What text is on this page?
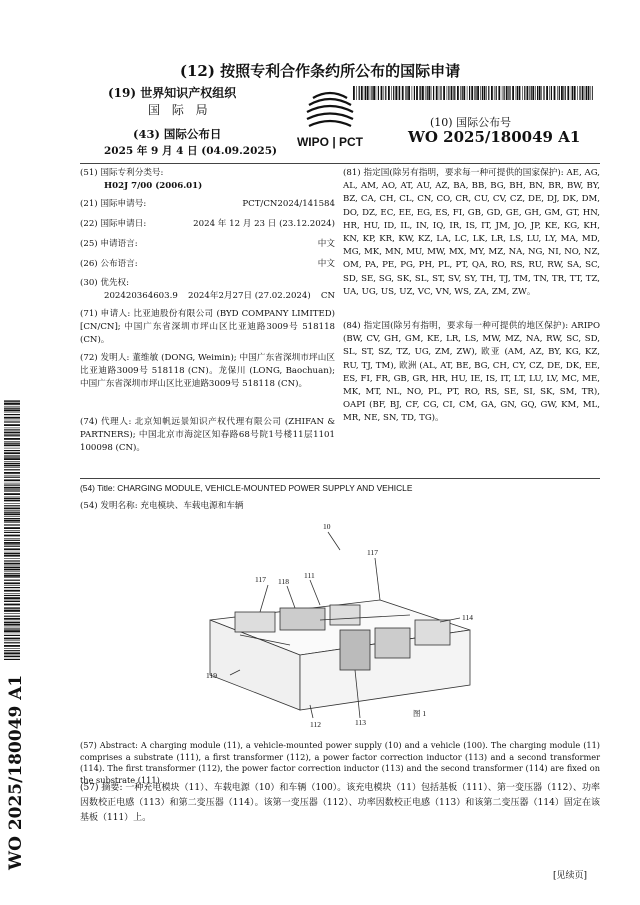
(12) 按照专利合作条约所公布的国际申请
(19) 世界知识产权组织
国 际 局
(43) 国际公布日
2025 年 9 月 4 日 (04.09.2025)
WIPO | PCT
(10) 国际公布号
WO 2025/180049 A1
(51) 国际专利分类号:
H02J 7/00 (2006.01)
(21) 国际申请号:	PCT/CN2024/141584
(22) 国际申请日:	2024 年 12 月 23 日 (23.12.2024)
(25) 申请语言:	中文
(26) 公布语言:	中文
(30) 优先权:
202420364603.9 2024年2月27日 (27.02.2024) CN
(71) 申请人: 比亚迪股份有限公司 (BYD COMPANY LIMITED) [CN/CN]; 中国广东省深圳市坪山区比亚迪路3009号 518118 (CN)。
(72) 发明人: 董维敏 (DONG, Weimin); 中国广东省深圳市坪山区比亚迪路3009号 518118 (CN)。龙保川 (LONG, Baochuan); 中国广东省深圳市坪山区比亚迪路3009号 518118 (CN)。
(74) 代理人: 北京知帆远景知识产权代理有限公司 (ZHIFAN & PARTNERS); 中国北京市海淀区知春路68号院1号楼11层1101 100098 (CN)。
(81) 指定国(除另有指明，要求每一种可提供的国家保护): AE, AG, AL, AM, AO, AT, AU, AZ, BA, BB, BG, BH, BN, BR, BW, BY, BZ, CA, CH, CL, CN, CO, CR, CU, CV, CZ, DE, DJ, DK, DM, DO, DZ, EC, EE, EG, ES, FI, GB, GD, GE, GH, GM, GT, HN, HR, HU, ID, IL, IN, IQ, IR, IS, IT, JM, JO, JP, KE, KG, KH, KN, KP, KR, KW, KZ, LA, LC, LK, LR, LS, LU, LY, MA, MD, MG, MK, MN, MU, MW, MX, MY, MZ, NA, NG, NI, NO, NZ, OM, PA, PE, PG, PH, PL, PT, QA, RO, RS, RU, RW, SA, SC, SD, SE, SG, SK, SL, ST, SV, SY, TH, TJ, TM, TN, TR, TT, TZ, UA, UG, US, UZ, VC, VN, WS, ZA, ZM, ZW。
(84) 指定国(除另有指明，要求每一种可提供的地区保护): ARIPO (BW, CV, GH, GM, KE, LR, LS, MW, MZ, NA, RW, SC, SD, SL, ST, SZ, TZ, UG, ZM, ZW), 欧亚 (AM, AZ, BY, KG, KZ, RU, TJ, TM), 欧洲 (AL, AT, BE, BG, CH, CY, CZ, DE, DK, EE, ES, FI, FR, GB, GR, HR, HU, IE, IS, IT, LT, LU, LV, MC, ME, MK, MT, NL, NO, PL, PT, RO, RS, SE, SI, SK, SM, TR), OAPI (BF, BJ, CF, CG, CI, CM, GA, GN, GQ, GW, KM, ML, MR, NE, SN, TD, TG)。
(54) Title: CHARGING MODULE, VEHICLE-MOUNTED POWER SUPPLY AND VEHICLE
(54) 发明名称: 充电模块、车载电源和车辆
10
117
117 118
111
114
119
112	113
图 1
(57) Abstract: A charging module (11), a vehicle-mounted power supply (10) and a vehicle (100). The charging module (11) comprises a substrate (111), a first transformer (112), a power factor correction inductor (113) and a second transformer (114). The first transformer (112), the power factor correction inductor (113) and the second transformer (114) are fixed on the substrate (111).
(57) 摘要: 一种充电模块（11）、车载电源（10）和车辆（100）。该充电模块（11）包括基板（111）、第一变压器（112）、功率因数校正电感（113）和第二变压器（114）。该第一变压器（112）、功率因数校正电感（113）和该第二变压器（114）固定在该基板（111）上。
WO 2025/180049 A1
[见续页]
